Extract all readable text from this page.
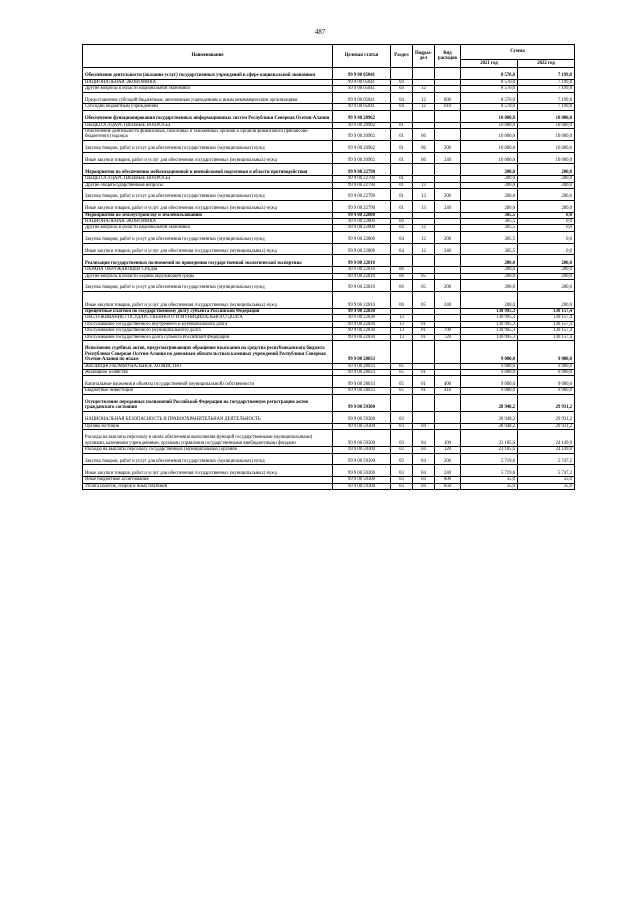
487
Наименование	Целевая статья	Раздел	Подраз-дел	Вид расходов	Сумма	
					2021 год	2022 год
Обеспечение деятельности (оказание услуг) государственных учреждений в сфере национальной экономики	99 9 00 05041				8 570,0	7 199,8
НАЦИОНАЛЬНАЯ ЭКОНОМИКА	99 9 00 05041	04			8 570,0	7 199,8
Другие вопросы в области национальной экономики	99 9 00 05041	04	12		8 570,0	7 199,8
Предоставление субсидий бюджетным, автономным учреждениям и иным некоммерческим организациям	99 9 00 05041	04	12	600	8 570,0	7 199,8
Субсидии бюджетным учреждениям	99 9 00 05041	04	12	610	8 570,0	7 199,8
Обеспечение функционирования государственных информационных систем Республики Северная Осетия-Алания	99 9 00 20962				10 000,0	10 000,0
ОБЩЕГОСУДАРСТВЕННЫЕ ВОПРОСЫ	99 9 00 20962	01			10 000,0	10 000,0
Обеспечение деятельности финансовых, налоговых и таможенных органов и органов финансового (финансово-бюджетного) надзора	99 9 00 20962	01	06		10 000,0	10 000,0
Закупка товаров, работ и услуг для обеспечения государственных (муниципальных) нужд	99 9 00 20962	01	06	200	10 000,0	10 000,0
Иные закупки товаров, работ и услуг для обеспечения государственных (муниципальных) нужд	99 9 00 20962	01	06	240	10 000,0	10 000,0
Мероприятия по обеспечению мобилизационной и вневойсковой подготовки в области противодействия	99 9 00 22790				200,0	200,0
ОБЩЕГОСУДАРСТВЕННЫЕ ВОПРОСЫ	99 9 00 22790	01			200,0	200,0
Другие общегосударственные вопросы	99 9 00 22790	01	13		200,0	200,0
Закупка товаров, работ и услуг для обеспечения государственных (муниципальных) нужд	99 9 00 22790	01	13	200	200,0	200,0
Иные закупки товаров, работ и услуг для обеспечения государственных (муниципальных) нужд	99 9 00 22790	01	13	240	200,0	200,0
Мероприятия по землеустройству и землепользованию	99 9 00 22800				305,5	0,0
НАЦИОНАЛЬНАЯ ЭКОНОМИКА	99 9 00 22800	04			305,5	0,0
Другие вопросы в области национальной экономики	99 9 00 22800	04	12		305,5	0,0
Закупка товаров, работ и услуг для обеспечения государственных (муниципальных) нужд	99 9 00 22800	04	12	200	305,5	0,0
Иные закупки товаров, работ и услуг для обеспечения государственных (муниципальных) нужд	99 9 00 22800	04	12	240	305,5	0,0
Реализация государственных полномочий по проведению государственной экологической экспертизы	99 9 00 22810				200,0	200,0
ОХРАНА ОКРУЖАЮЩЕЙ СРЕДЫ	99 9 00 22810	06			200,0	200,0
Другие вопросы в области охраны окружающей среды	99 9 00 22810	06	05		200,0	200,0
Закупка товаров, работ и услуг для обеспечения государственных (муниципальных) нужд	99 9 00 22810	06	05	200	200,0	200,0
Иные закупки товаров, работ и услуг для обеспечения государственных (муниципальных) нужд	99 9 00 22810	06	05	240	200,0	200,0
Процентные платежи по государственному долгу субъекта Российской Федерации	99 9 00 22830				130 995,3	130 157,4
ОБСЛУЖИВАНИЕ ГОСУДАРСТВЕННОГО И МУНИЦИПАЛЬНОГО ДОЛГА	99 9 00 22830	13			130 995,3	130 157,4
Обслуживание государственного внутреннего и муниципального долга	99 9 00 22830	13	01		130 995,3	130 157,4
Обслуживание государственного (муниципального) долга	99 9 00 22830	13	01	700	130 995,3	130 157,4
Обслуживание государственного долга субъекта Российской Федерации	99 9 00 22830	13	01	720	130 995,3	130 157,4
Исполнение судебных актов, предусматривающих обращение взыскания на средства республиканского бюджета Республики Северная Осетия-Алания по денежным обязательствам казенных учреждений Республики Северная Осетия-Алания по искам	99 9 00 28033				9 000,0	9 000,0
ЖИЛИЩНО-КОММУНАЛЬНОЕ ХОЗЯЙСТВО	99 9 00 28033	05			9 000,0	9 000,0
Жилищное хозяйство	99 9 00 28033	05	01		9 000,0	9 000,0
Капитальные вложения в объекты государственной (муниципальной) собственности	99 9 00 28033	05	01	400	9 000,0	9 000,0
Бюджетные инвестиции	99 9 00 28033	05	01	410	9 000,0	9 000,0
Осуществление переданных полномочий Российской Федерации на государственную регистрацию актов гражданского состояния	99 9 00 59300				28 948,2	29 931,2
НАЦИОНАЛЬНАЯ БЕЗОПАСНОСТЬ И ПРАВООХРАНИТЕЛЬНАЯ ДЕЯТЕЛЬНОСТЬ	99 9 00 59300	03			28 948,2	29 931,2
Органы юстиции	99 9 00 59300	03	04		28 948,2	29 931,2
Расходы на выплаты персоналу в целях обеспечения выполнения функций государственными (муниципальными) органами, казенными учреждениями, органами управления государственными внебюджетными фондами	99 9 00 59300	03	04	100	23 185,6	24 149,0
Расходы на выплаты персоналу государственных (муниципальных) органов	99 9 00 59300	03	04	120	23 185,6	24 149,0
Закупка товаров, работ и услуг для обеспечения государственных (муниципальных) нужд	99 9 00 59300	03	04	200	5 719,6	5 747,2
Иные закупки товаров, работ и услуг для обеспечения государственных (муниципальных) нужд	99 9 00 59300	03	04	240	5 719,6	5 747,2
Иные бюджетные ассигнования	99 9 00 59300	03	04	800	35,0	35,0
Уплата налогов, сборов и иных платежей	99 9 00 59300	03	04	850	35,0	35,0
